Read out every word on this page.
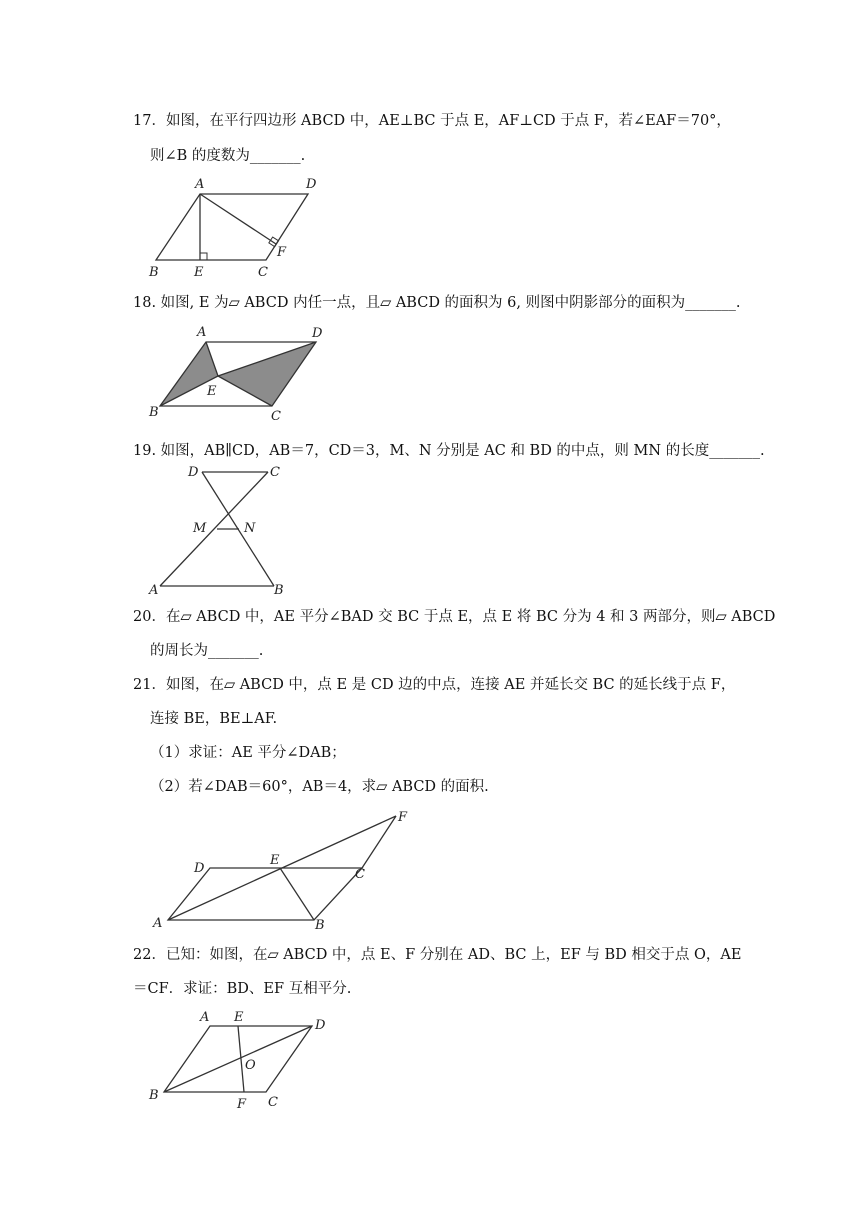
17．如图，在平行四边形 ABCD 中，AE⊥BC 于点 E，AF⊥CD 于点 F，若∠EAF＝70°，
则∠B 的度数为_______.
A	D
B	E	C
F
18. 如图, E 为▱ ABCD 内任一点，且▱ ABCD 的面积为 6, 则图中阴影部分的面积为_______.
A	D
E
B	C
19. 如图，AB∥CD，AB＝7，CD＝3，M、N 分别是 AC 和 BD 的中点，则 MN 的长度_______.
D	C
M	N
A	B
20．在▱ ABCD 中，AE 平分∠BAD 交 BC 于点 E，点 E 将 BC 分为 4 和 3 两部分，则▱ ABCD
的周长为_______.
21．如图，在▱ ABCD 中，点 E 是 CD 边的中点，连接 AE 并延长交 BC 的延长线于点 F，
连接 BE，BE⊥AF.
（1）求证：AE 平分∠DAB；
（2）若∠DAB＝60°，AB＝4，求▱ ABCD 的面积.
F
D
E
C
A	B
22．已知：如图，在▱ ABCD 中，点 E、F 分别在 AD、BC 上，EF 与 BD 相交于点 O，AE
＝CF．求证：BD、EF 互相平分.
A E
D
O
B
F C
